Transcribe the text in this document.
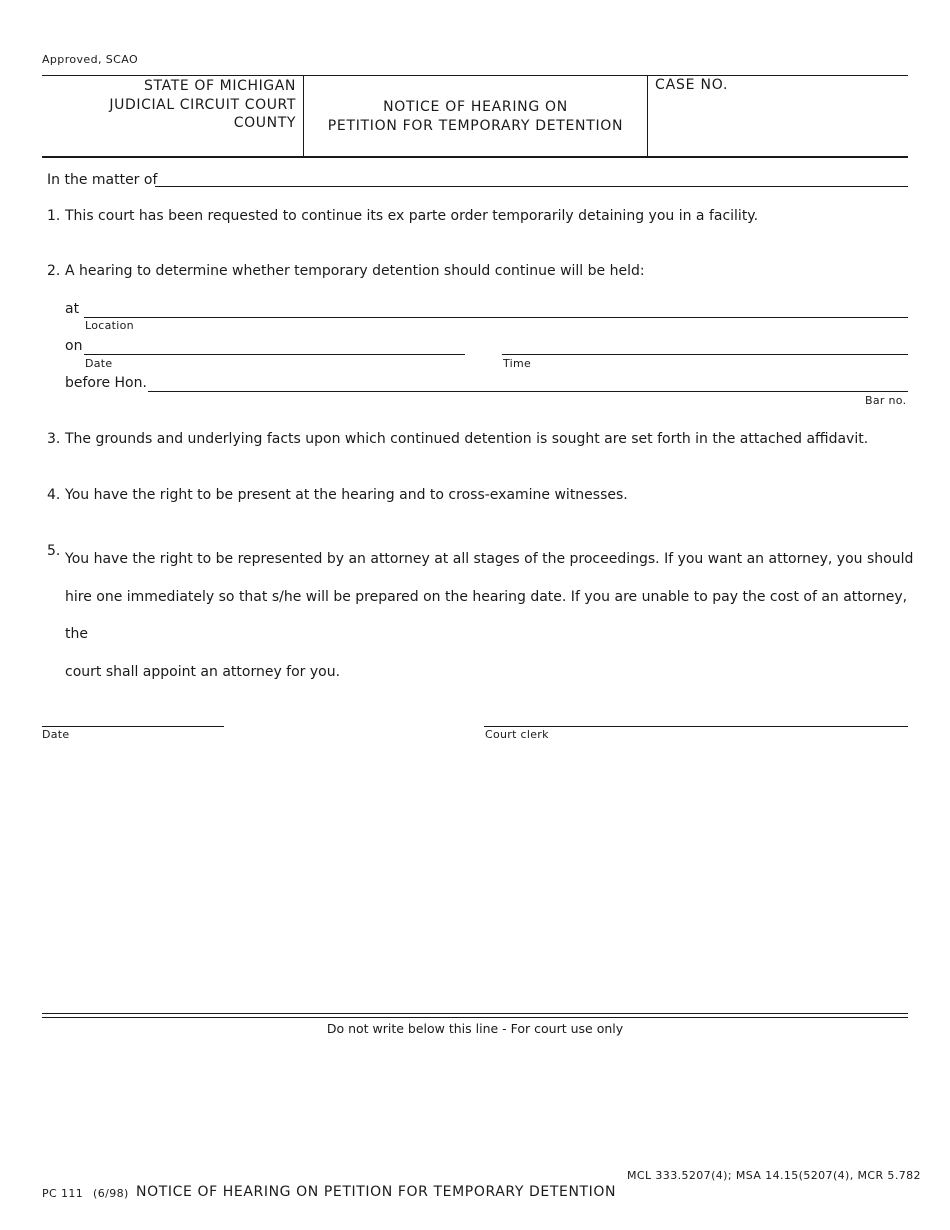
Approved, SCAO
STATE OF MICHIGAN
JUDICIAL CIRCUIT COURT
COUNTY
NOTICE OF HEARING ON
PETITION FOR TEMPORARY DETENTION
CASE NO.
In the matter of
1. This court has been requested to continue its ex parte order temporarily detaining you in a facility.
2. A hearing to determine whether temporary detention should continue will be held:
at
Location
on
Date	Time
before Hon.
Bar no.
3. The grounds and underlying facts upon which continued detention is sought are set forth in the attached affidavit.
4. You have the right to be present at the hearing and to cross-examine witnesses.
5. You have the right to be represented by an attorney at all stages of the proceedings. If you want an attorney, you should
hire one immediately so that s/he will be prepared on the hearing date. If you are unable to pay the cost of an attorney, the
court shall appoint an attorney for you.
Date	Court clerk
Do not write below this line - For court use only
MCL 333.5207(4); MSA 14.15(5207(4), MCR 5.782
PC 111 (6/98) NOTICE OF HEARING ON PETITION FOR TEMPORARY DETENTION
